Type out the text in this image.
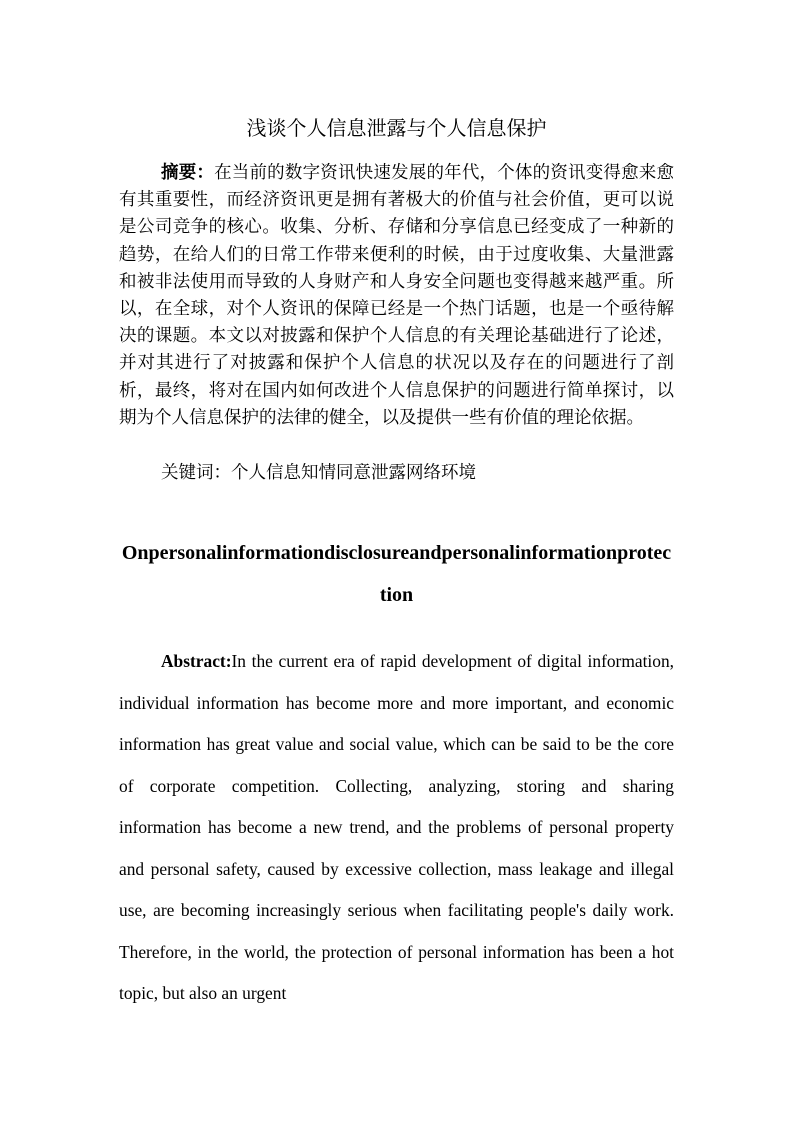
浅谈个人信息泄露与个人信息保护

摘要：在当前的数字资讯快速发展的年代，个体的资讯变得愈来愈有其重要性，而经济资讯更是拥有著极大的价值与社会价值，更可以说是公司竞争的核心。收集、分析、存储和分享信息已经变成了一种新的趋势，在给人们的日常工作带来便利的时候，由于过度收集、大量泄露和被非法使用而导致的人身财产和人身安全问题也变得越来越严重。所以，在全球，对个人资讯的保障已经是一个热门话题，也是一个亟待解决的课题。本文以对披露和保护个人信息的有关理论基础进行了论述，并对其进行了对披露和保护个人信息的状况以及存在的问题进行了剖析，最终，将对在国内如何改进个人信息保护的问题进行简单探讨，以期为个人信息保护的法律的健全，以及提供一些有价值的理论依据。

关键词：个人信息知情同意泄露网络环境

Onpersonalinformationdisclosureandpersonalinformationprotection

Abstract:In the current era of rapid development of digital information, individual information has become more and more important, and economic information has great value and social value, which can be said to be the core of corporate competition. Collecting, analyzing, storing and sharing information has become a new trend, and the problems of personal property and personal safety, caused by excessive collection, mass leakage and illegal use, are becoming increasingly serious when facilitating people's daily work. Therefore, in the world, the protection of personal information has been a hot topic, but also an urgent
